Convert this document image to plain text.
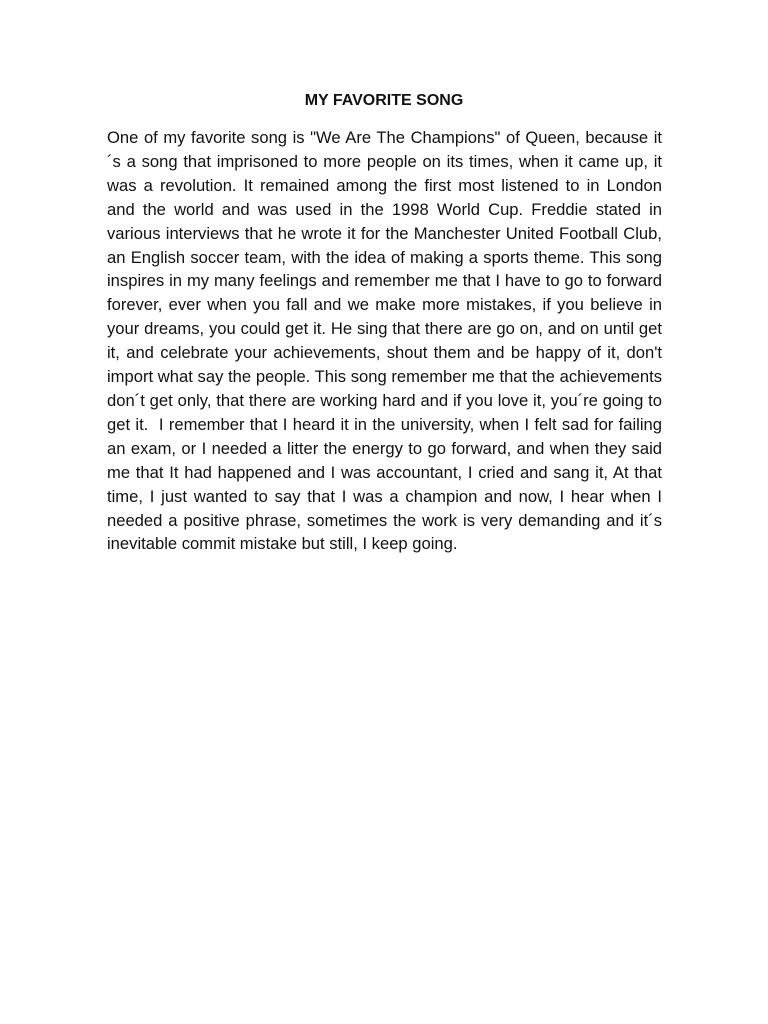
MY FAVORITE SONG

One of my favorite song is "We Are The Champions" of Queen, because it´s a song that imprisoned to more people on its times, when it came up, it was a revolution. It remained among the first most listened to in London and the world and was used in the 1998 World Cup. Freddie stated in various interviews that he wrote it for the Manchester United Football Club, an English soccer team, with the idea of making a sports theme. This song inspires in my many feelings and remember me that I have to go to forward forever, ever when you fall and we make more mistakes, if you believe in your dreams, you could get it. He sing that there are go on, and on until get it, and celebrate your achievements, shout them and be happy of it, don't import what say the people. This song remember me that the achievements don´t get only, that there are working hard and if you love it, you´re going to get it.  I remember that I heard it in the university, when I felt sad for failing an exam, or I needed a litter the energy to go forward, and when they said me that It had happened and I was accountant, I cried and sang it, At that time, I just wanted to say that I was a champion and now, I hear when I needed a positive phrase, sometimes the work is very demanding and it´s inevitable commit mistake but still, I keep going.
